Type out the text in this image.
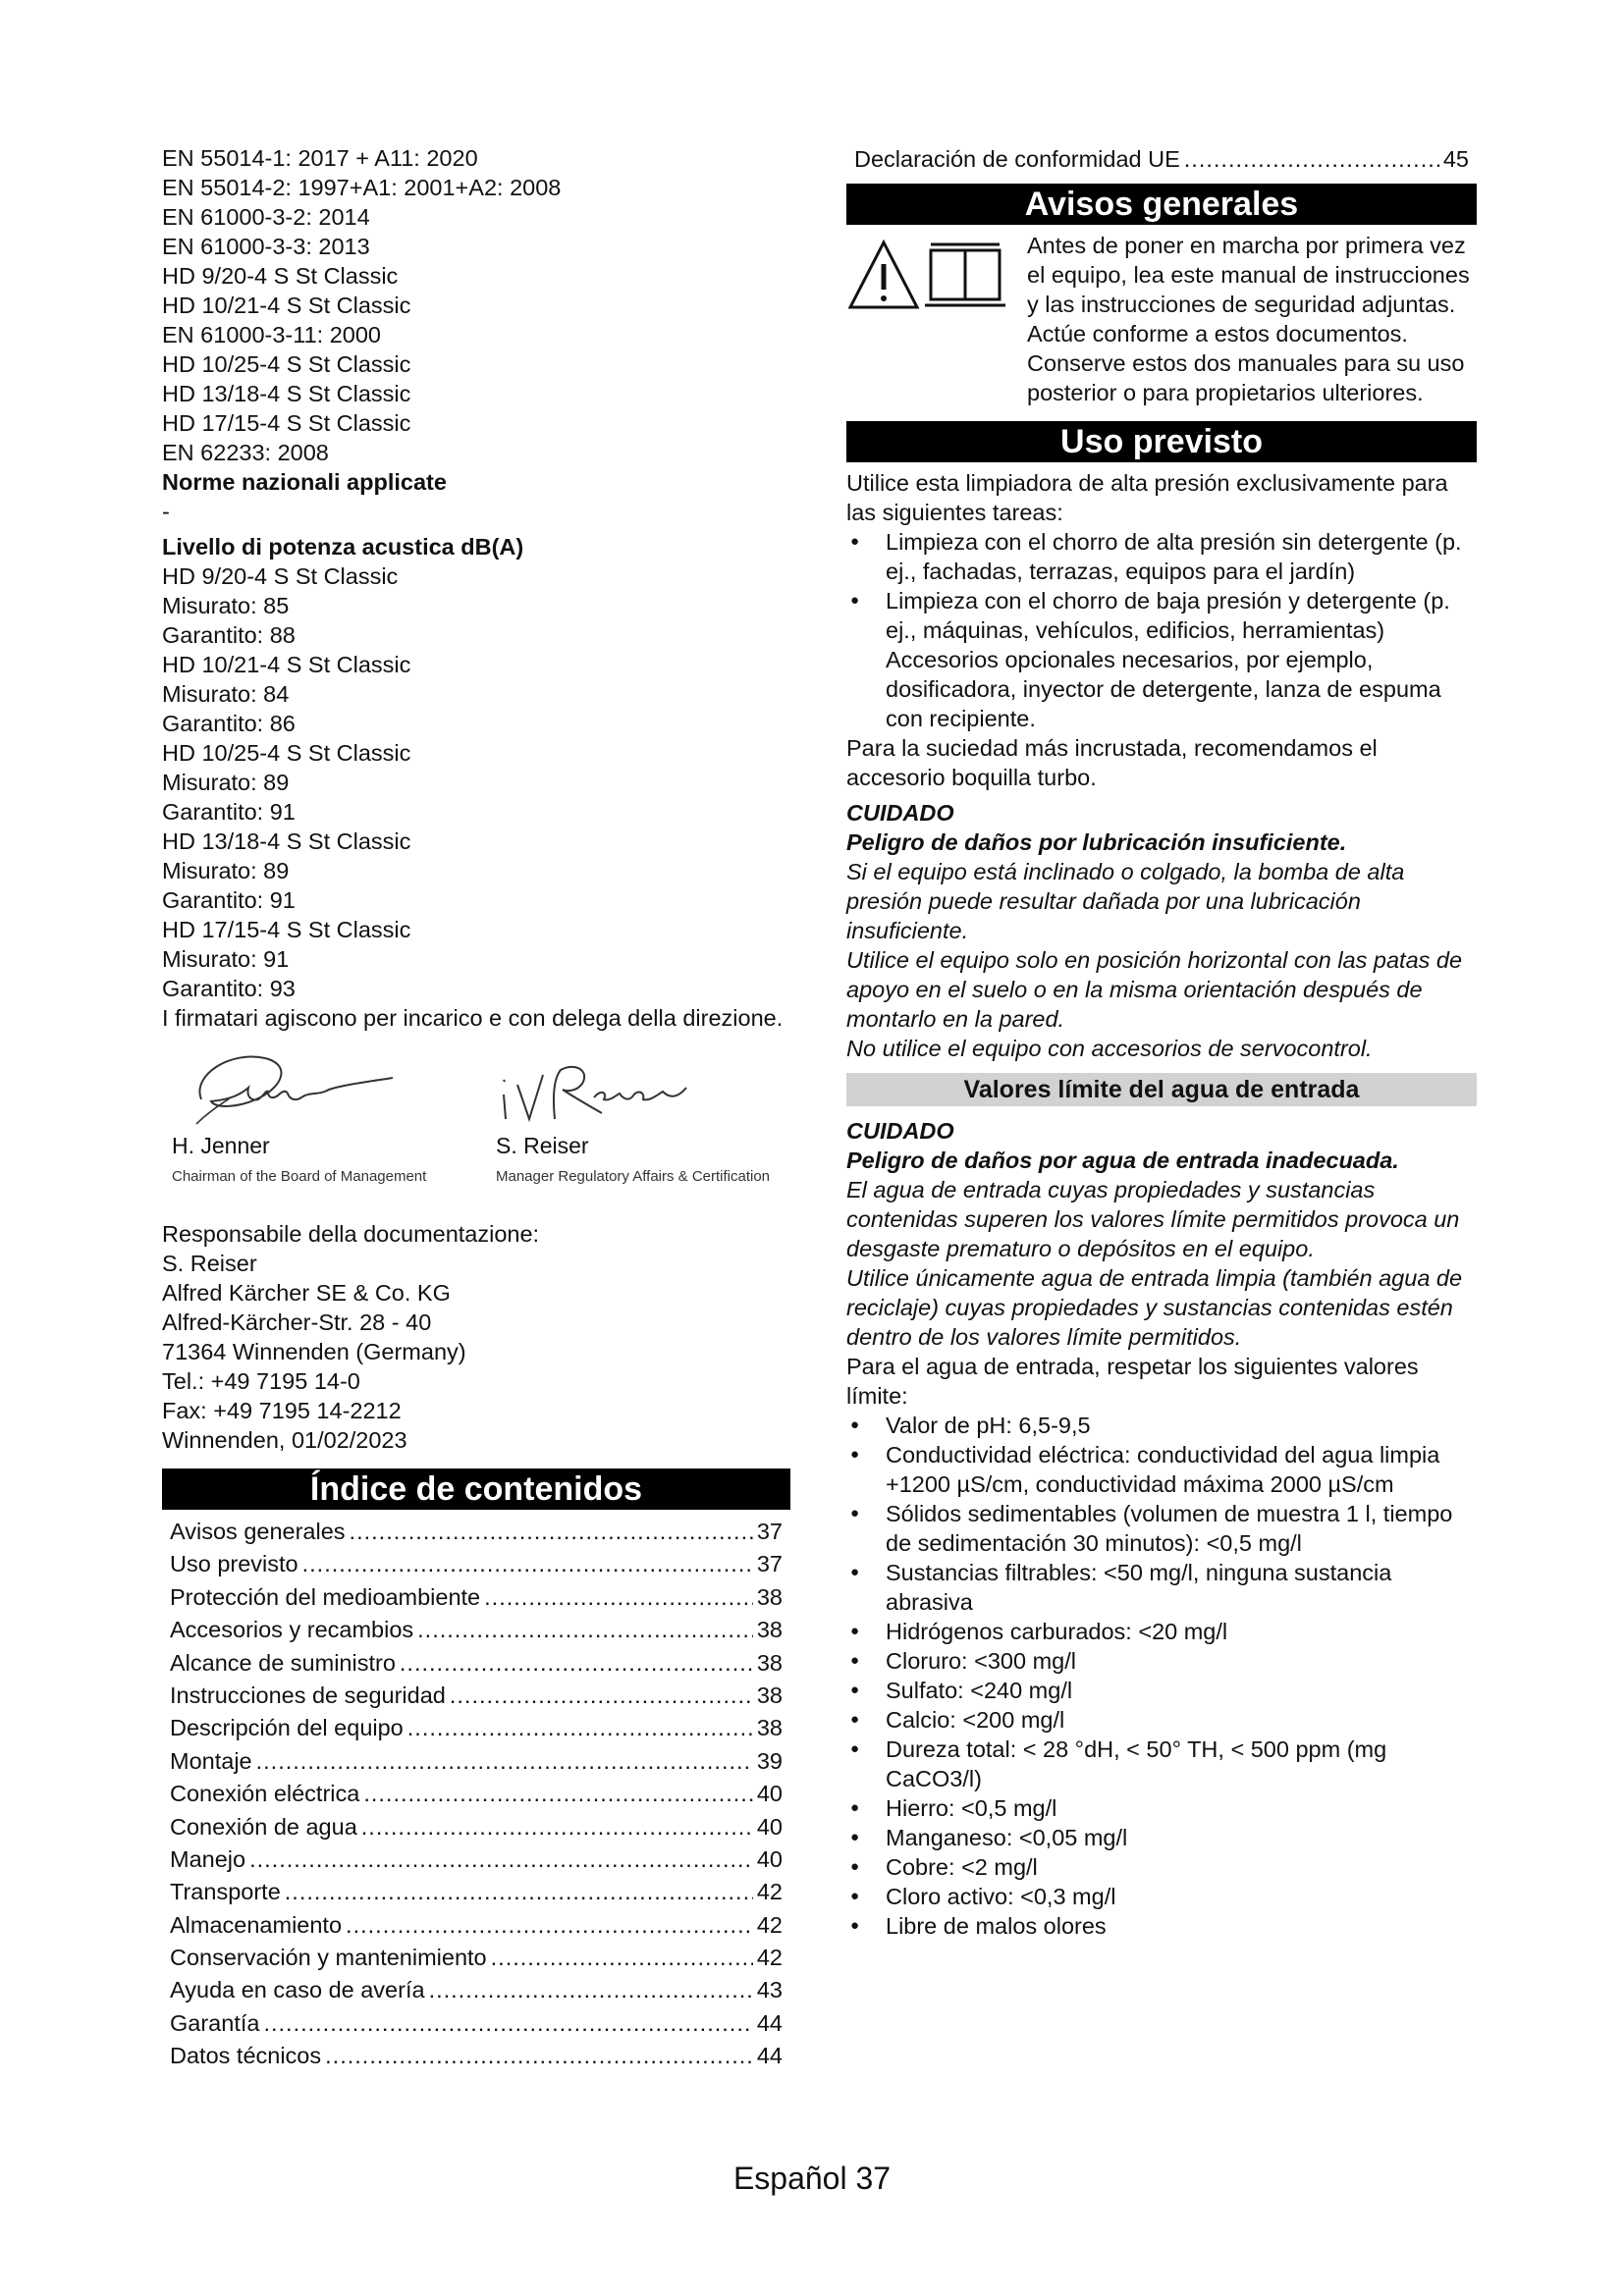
EN 55014-1: 2017 + A11: 2020
EN 55014-2: 1997+A1: 2001+A2: 2008
EN 61000-3-2: 2014
EN 61000-3-3: 2013
HD 9/20-4 S St Classic
HD 10/21-4 S St Classic
EN 61000-3-11: 2000
HD 10/25-4 S St Classic
HD 13/18-4 S St Classic
HD 17/15-4 S St Classic
EN 62233: 2008
Norme nazionali applicate
-
Livello di potenza acustica dB(A)
HD 9/20-4 S St Classic
Misurato: 85
Garantito: 88
HD 10/21-4 S St Classic
Misurato: 84
Garantito: 86
HD 10/25-4 S St Classic
Misurato: 89
Garantito: 91
HD 13/18-4 S St Classic
Misurato: 89
Garantito: 91
HD 17/15-4 S St Classic
Misurato: 91
Garantito: 93
I firmatari agiscono per incarico e con delega della direzione.
H. Jenner
Chairman of the Board of Management
S. Reiser
Manager Regulatory Affairs & Certification
Responsabile della documentazione:
S. Reiser
Alfred Kärcher SE & Co. KG
Alfred-Kärcher-Str. 28 - 40
71364 Winnenden (Germany)
Tel.: +49 7195 14-0
Fax: +49 7195 14-2212
Winnenden, 01/02/2023
Índice de contenidos
Avisos generales .....	37
Uso previsto .....	37
Protección del medioambiente .....	38
Accesorios y recambios .....	38
Alcance de suministro .....	38
Instrucciones de seguridad .....	38
Descripción del equipo .....	38
Montaje .....	39
Conexión eléctrica .....	40
Conexión de agua .....	40
Manejo .....	40
Transporte .....	42
Almacenamiento .....	42
Conservación y mantenimiento .....	42
Ayuda en caso de avería .....	43
Garantía .....	44
Datos técnicos .....	44
Declaración de conformidad UE .....	45
Avisos generales
Antes de poner en marcha por primera vez el equipo, lea este manual de instrucciones y las instrucciones de seguridad adjuntas. Actúe conforme a estos documentos. Conserve estos dos manuales para su uso posterior o para propietarios ulteriores.
Uso previsto
Utilice esta limpiadora de alta presión exclusivamente para las siguientes tareas:
● Limpieza con el chorro de alta presión sin detergente (p. ej., fachadas, terrazas, equipos para el jardín)
● Limpieza con el chorro de baja presión y detergente (p. ej., máquinas, vehículos, edificios, herramientas)
Accesorios opcionales necesarios, por ejemplo, dosificadora, inyector de detergente, lanza de espuma con recipiente.
Para la suciedad más incrustada, recomendamos el accesorio boquilla turbo.
CUIDADO
Peligro de daños por lubricación insuficiente.
Si el equipo está inclinado o colgado, la bomba de alta presión puede resultar dañada por una lubricación insuficiente.
Utilice el equipo solo en posición horizontal con las patas de apoyo en el suelo o en la misma orientación después de montarlo en la pared.
No utilice el equipo con accesorios de servocontrol.
Valores límite del agua de entrada
CUIDADO
Peligro de daños por agua de entrada inadecuada.
El agua de entrada cuyas propiedades y sustancias contenidas superen los valores límite permitidos provoca un desgaste prematuro o depósitos en el equipo.
Utilice únicamente agua de entrada limpia (también agua de reciclaje) cuyas propiedades y sustancias contenidas estén dentro de los valores límite permitidos.
Para el agua de entrada, respetar los siguientes valores límite:
● Valor de pH: 6,5-9,5
● Conductividad eléctrica: conductividad del agua limpia +1200 µS/cm, conductividad máxima 2000 µS/cm
● Sólidos sedimentables (volumen de muestra 1 l, tiempo de sedimentación 30 minutos): <0,5 mg/l
● Sustancias filtrables: <50 mg/l, ninguna sustancia abrasiva
● Hidrógenos carburados: <20 mg/l
● Cloruro: <300 mg/l
● Sulfato: <240 mg/l
● Calcio: <200 mg/l
● Dureza total: < 28 °dH, < 50° TH, < 500 ppm (mg CaCO3/l)
● Hierro: <0,5 mg/l
● Manganeso: <0,05 mg/l
● Cobre: <2 mg/l
● Cloro activo: <0,3 mg/l
● Libre de malos olores
Español 37
